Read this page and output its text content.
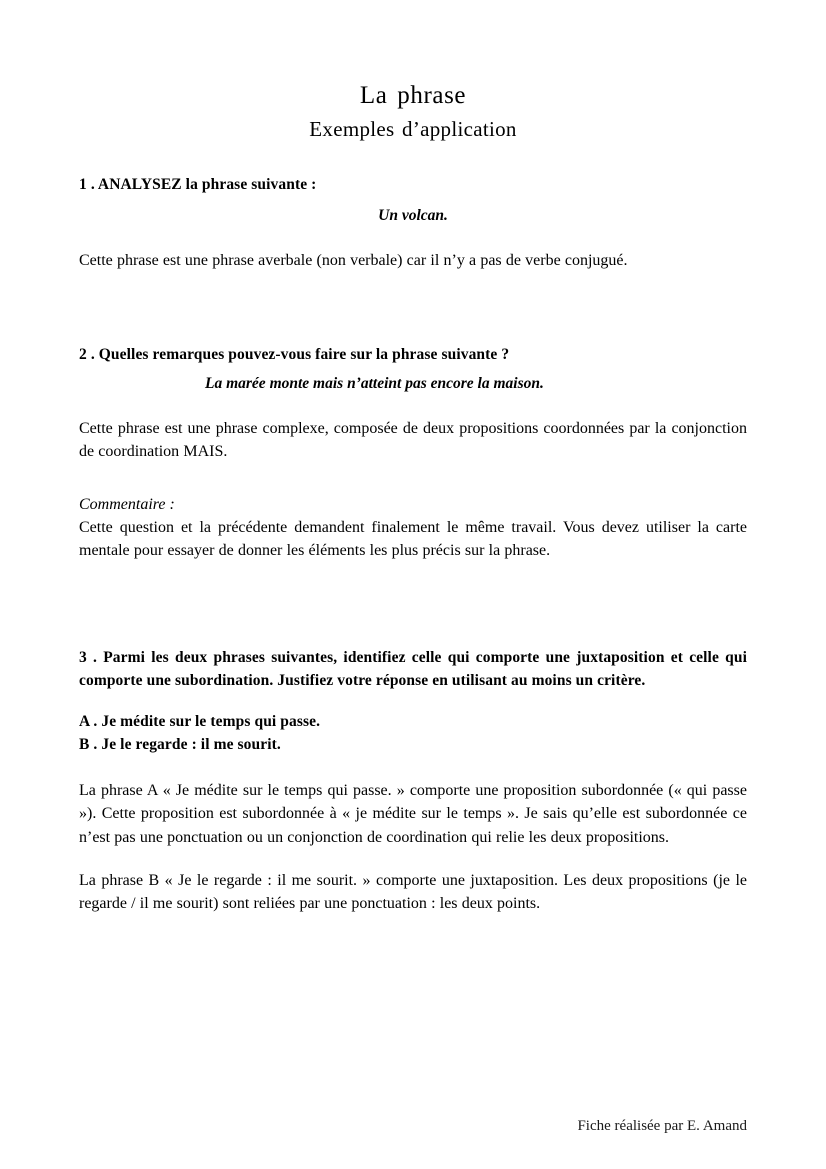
La phrase
Exemples d’application

1 . ANALYSEZ la phrase suivante :

Un volcan.

Cette phrase est une phrase averbale (non verbale) car il n’y a pas de verbe conjugué.

2 . Quelles remarques pouvez-vous faire sur la phrase suivante ?

La marée monte mais n’atteint pas encore la maison.

Cette phrase est une phrase complexe, composée de deux propositions coordonnées par la conjonction de coordination MAIS.

Commentaire :

Cette question et la précédente demandent finalement le même travail. Vous devez utiliser la carte mentale pour essayer de donner les éléments les plus précis sur la phrase.

3 . Parmi les deux phrases suivantes, identifiez celle qui comporte une juxtaposition et celle qui comporte une subordination. Justifiez votre réponse en utilisant au moins un critère.

A . Je médite sur le temps qui passe.

B . Je le regarde : il me sourit.

La phrase A « Je médite sur le temps qui passe. » comporte une proposition subordonnée (« qui passe »). Cette proposition est subordonnée à « je médite sur le temps ». Je sais qu’elle est subordonnée ce n’est pas une ponctuation ou un conjonction de coordination qui relie les deux propositions.

La phrase B « Je le regarde : il me sourit. » comporte une juxtaposition. Les deux propositions (je le regarde / il me sourit) sont reliées par une ponctuation : les deux points.

Fiche réalisée par E. Amand
